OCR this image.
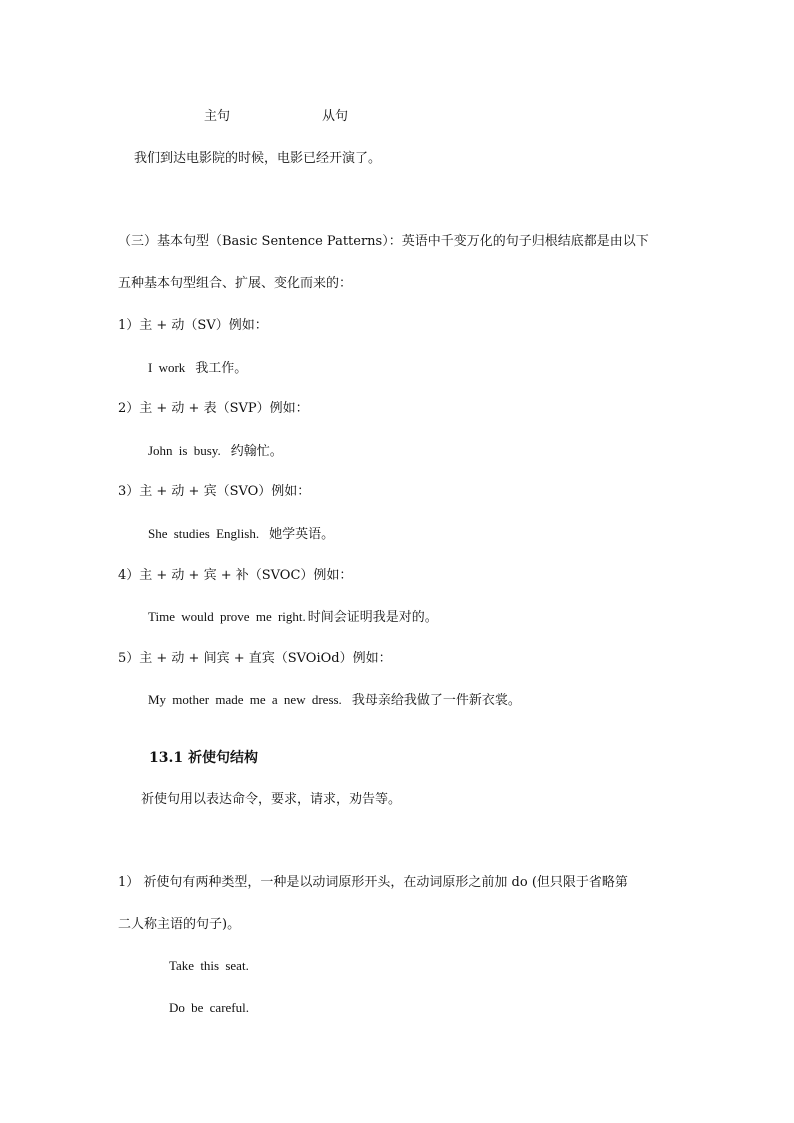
主句	从句
我们到达电影院的时候，电影已经开演了。
（三）基本句型（Basic Sentence Patterns）：英语中千变万化的句子归根结底都是由以下
五种基本句型组合、扩展、变化而来的：
1）主 + 动（SV）例如：
I work 我工作。
2）主 + 动 + 表（SVP）例如：
John is busy. 约翰忙。
3）主 + 动 + 宾（SVO）例如：
She studies English. 她学英语。
4）主 + 动 + 宾 + 补（SVOC）例如：
Time would prove me right. 时间会证明我是对的。
5）主 + 动 + 间宾 + 直宾（SVOiOd）例如：
My mother made me a new dress. 我母亲给我做了一件新衣裳。
13.1 祈使句结构
祈使句用以表达命令，要求，请求，劝告等。
1） 祈使句有两种类型，一种是以动词原形开头，在动词原形之前加 do (但只限于省略第
二人称主语的句子)。
Take this seat.
Do be careful.
